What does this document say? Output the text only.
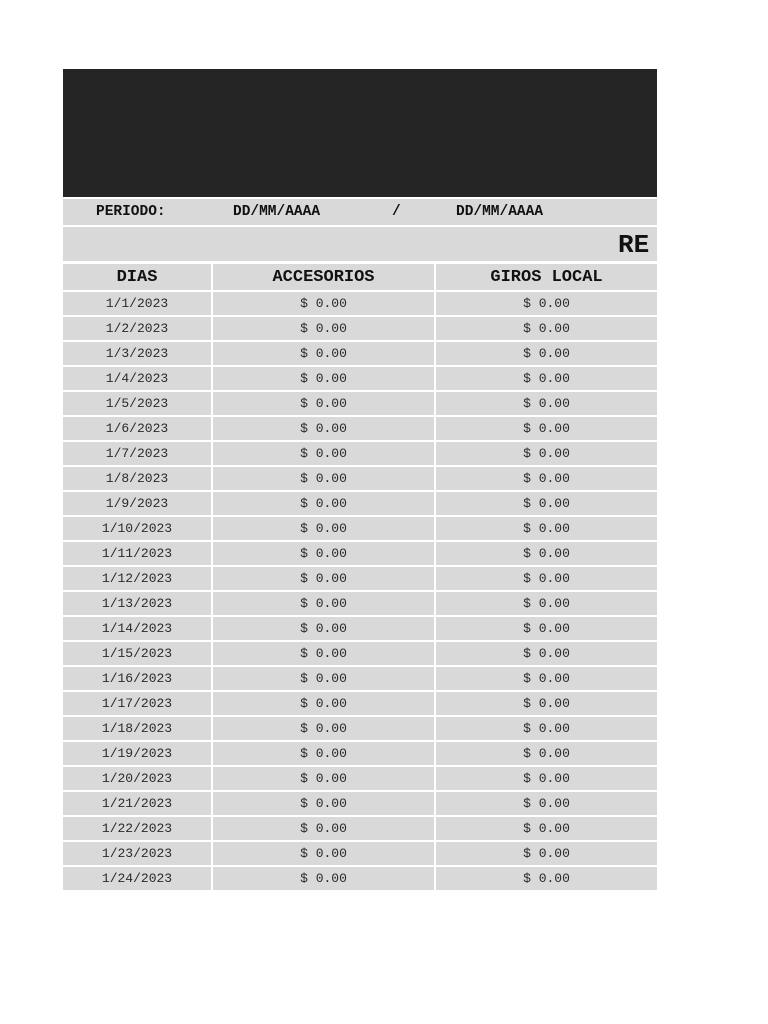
PERIODO:	DD/MM/AAAA	/	DD/MM/AAAA
RE
DIAS	ACCESORIOS	GIROS LOCAL
1/1/2023	$ 0.00	$ 0.00
1/2/2023	$ 0.00	$ 0.00
1/3/2023	$ 0.00	$ 0.00
1/4/2023	$ 0.00	$ 0.00
1/5/2023	$ 0.00	$ 0.00
1/6/2023	$ 0.00	$ 0.00
1/7/2023	$ 0.00	$ 0.00
1/8/2023	$ 0.00	$ 0.00
1/9/2023	$ 0.00	$ 0.00
1/10/2023	$ 0.00	$ 0.00
1/11/2023	$ 0.00	$ 0.00
1/12/2023	$ 0.00	$ 0.00
1/13/2023	$ 0.00	$ 0.00
1/14/2023	$ 0.00	$ 0.00
1/15/2023	$ 0.00	$ 0.00
1/16/2023	$ 0.00	$ 0.00
1/17/2023	$ 0.00	$ 0.00
1/18/2023	$ 0.00	$ 0.00
1/19/2023	$ 0.00	$ 0.00
1/20/2023	$ 0.00	$ 0.00
1/21/2023	$ 0.00	$ 0.00
1/22/2023	$ 0.00	$ 0.00
1/23/2023	$ 0.00	$ 0.00
1/24/2023	$ 0.00	$ 0.00
